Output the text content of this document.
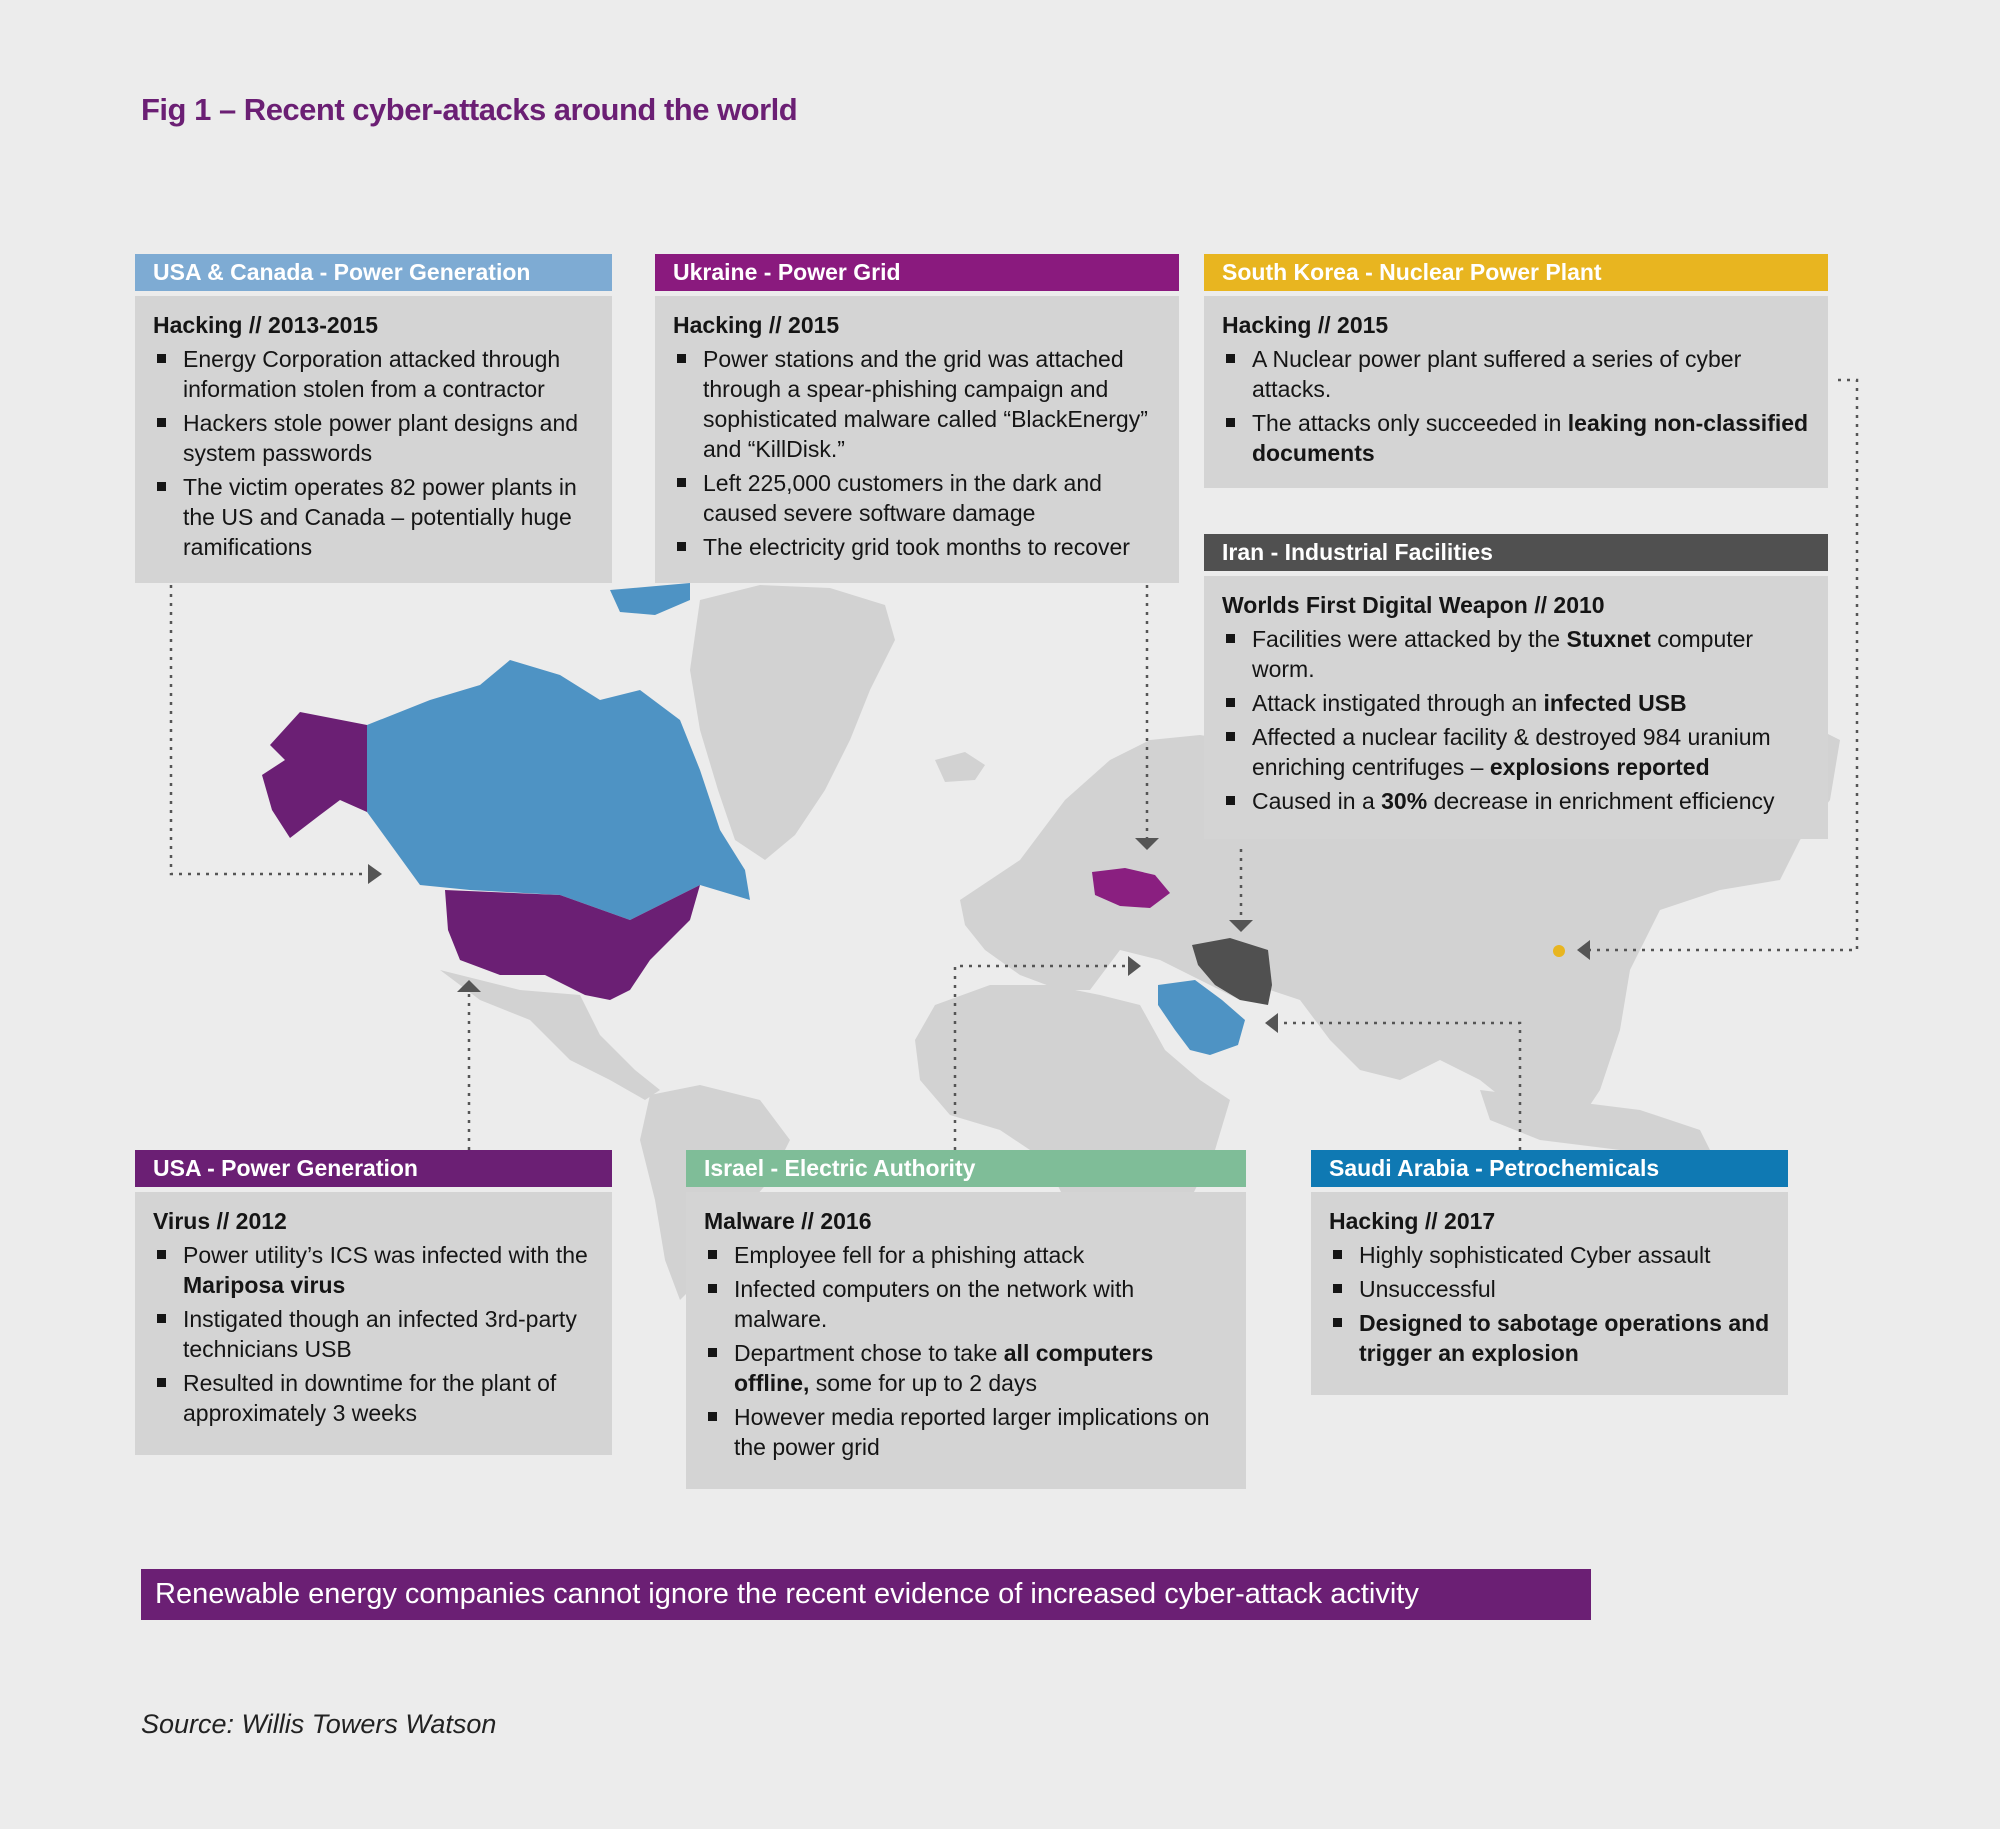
Fig 1 – Recent cyber-attacks around the world
USA & Canada - Power Generation
Hacking // 2013-2015
Energy Corporation attacked through information stolen from a contractor
Hackers stole power plant designs and system passwords
The victim operates 82 power plants in the US and Canada – potentially huge ramifications
Ukraine - Power Grid
Hacking // 2015
Power stations and the grid was attached through a spear-phishing campaign and sophisticated malware called “BlackEnergy” and “KillDisk.”
Left 225,000 customers in the dark and caused severe software damage
The electricity grid took months to recover
South Korea - Nuclear Power Plant
Hacking // 2015
A Nuclear power plant suffered a series of cyber attacks.
The attacks only succeeded in leaking non-classified documents
Iran - Industrial Facilities
Worlds First Digital Weapon // 2010
Facilities were attacked by the Stuxnet computer worm.
Attack instigated through an infected USB
Affected a nuclear facility & destroyed 984 uranium enriching centrifuges – explosions reported
Caused in a 30% decrease in enrichment efficiency
USA - Power Generation
Virus // 2012
Power utility’s ICS was infected with the Mariposa virus
Instigated though an infected 3rd-party technicians USB
Resulted in downtime for the plant of approximately 3 weeks
Israel - Electric Authority
Malware // 2016
Employee fell for a phishing attack
Infected computers on the network with malware.
Department chose to take all computers offline, some for up to 2 days
However media reported larger implications on the power grid
Saudi Arabia - Petrochemicals
Hacking // 2017
Highly sophisticated Cyber assault
Unsuccessful
Designed to sabotage operations and trigger an explosion
Renewable energy companies cannot ignore the recent evidence of increased cyber-attack activity
Source: Willis Towers Watson
